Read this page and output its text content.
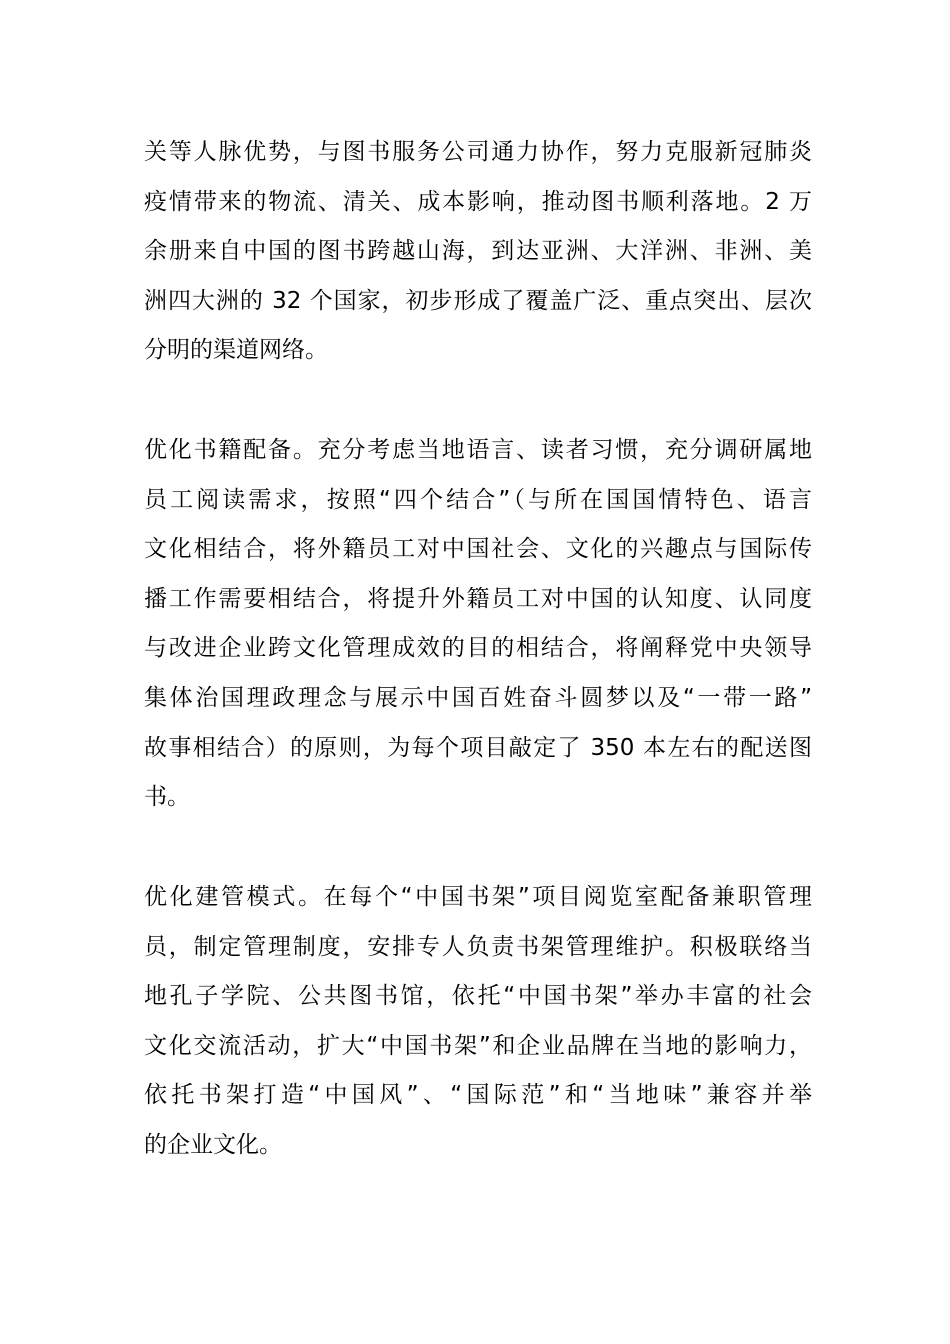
关等人脉优势，与图书服务公司通力协作，努力克服新冠肺炎
疫情带来的物流、清关、成本影响，推动图书顺利落地。2 万
余册来自中国的图书跨越山海，到达亚洲、大洋洲、非洲、美
洲四大洲的 32 个国家，初步形成了覆盖广泛、重点突出、层次
分明的渠道网络。
优化书籍配备。充分考虑当地语言、读者习惯，充分调研属地
员工阅读需求，按照“四个结合”（与所在国国情特色、语言
文化相结合，将外籍员工对中国社会、文化的兴趣点与国际传
播工作需要相结合，将提升外籍员工对中国的认知度、认同度
与改进企业跨文化管理成效的目的相结合，将阐释党中央领导
集体治国理政理念与展示中国百姓奋斗圆梦以及“一带一路”
故事相结合）的原则，为每个项目敲定了 350 本左右的配送图
书。
优化建管模式。在每个“中国书架”项目阅览室配备兼职管理
员，制定管理制度，安排专人负责书架管理维护。积极联络当
地孔子学院、公共图书馆，依托“中国书架”举办丰富的社会
文化交流活动，扩大“中国书架”和企业品牌在当地的影响力，
依托书架打造“中国风”、“国际范”和“当地味”兼容并举
的企业文化。
